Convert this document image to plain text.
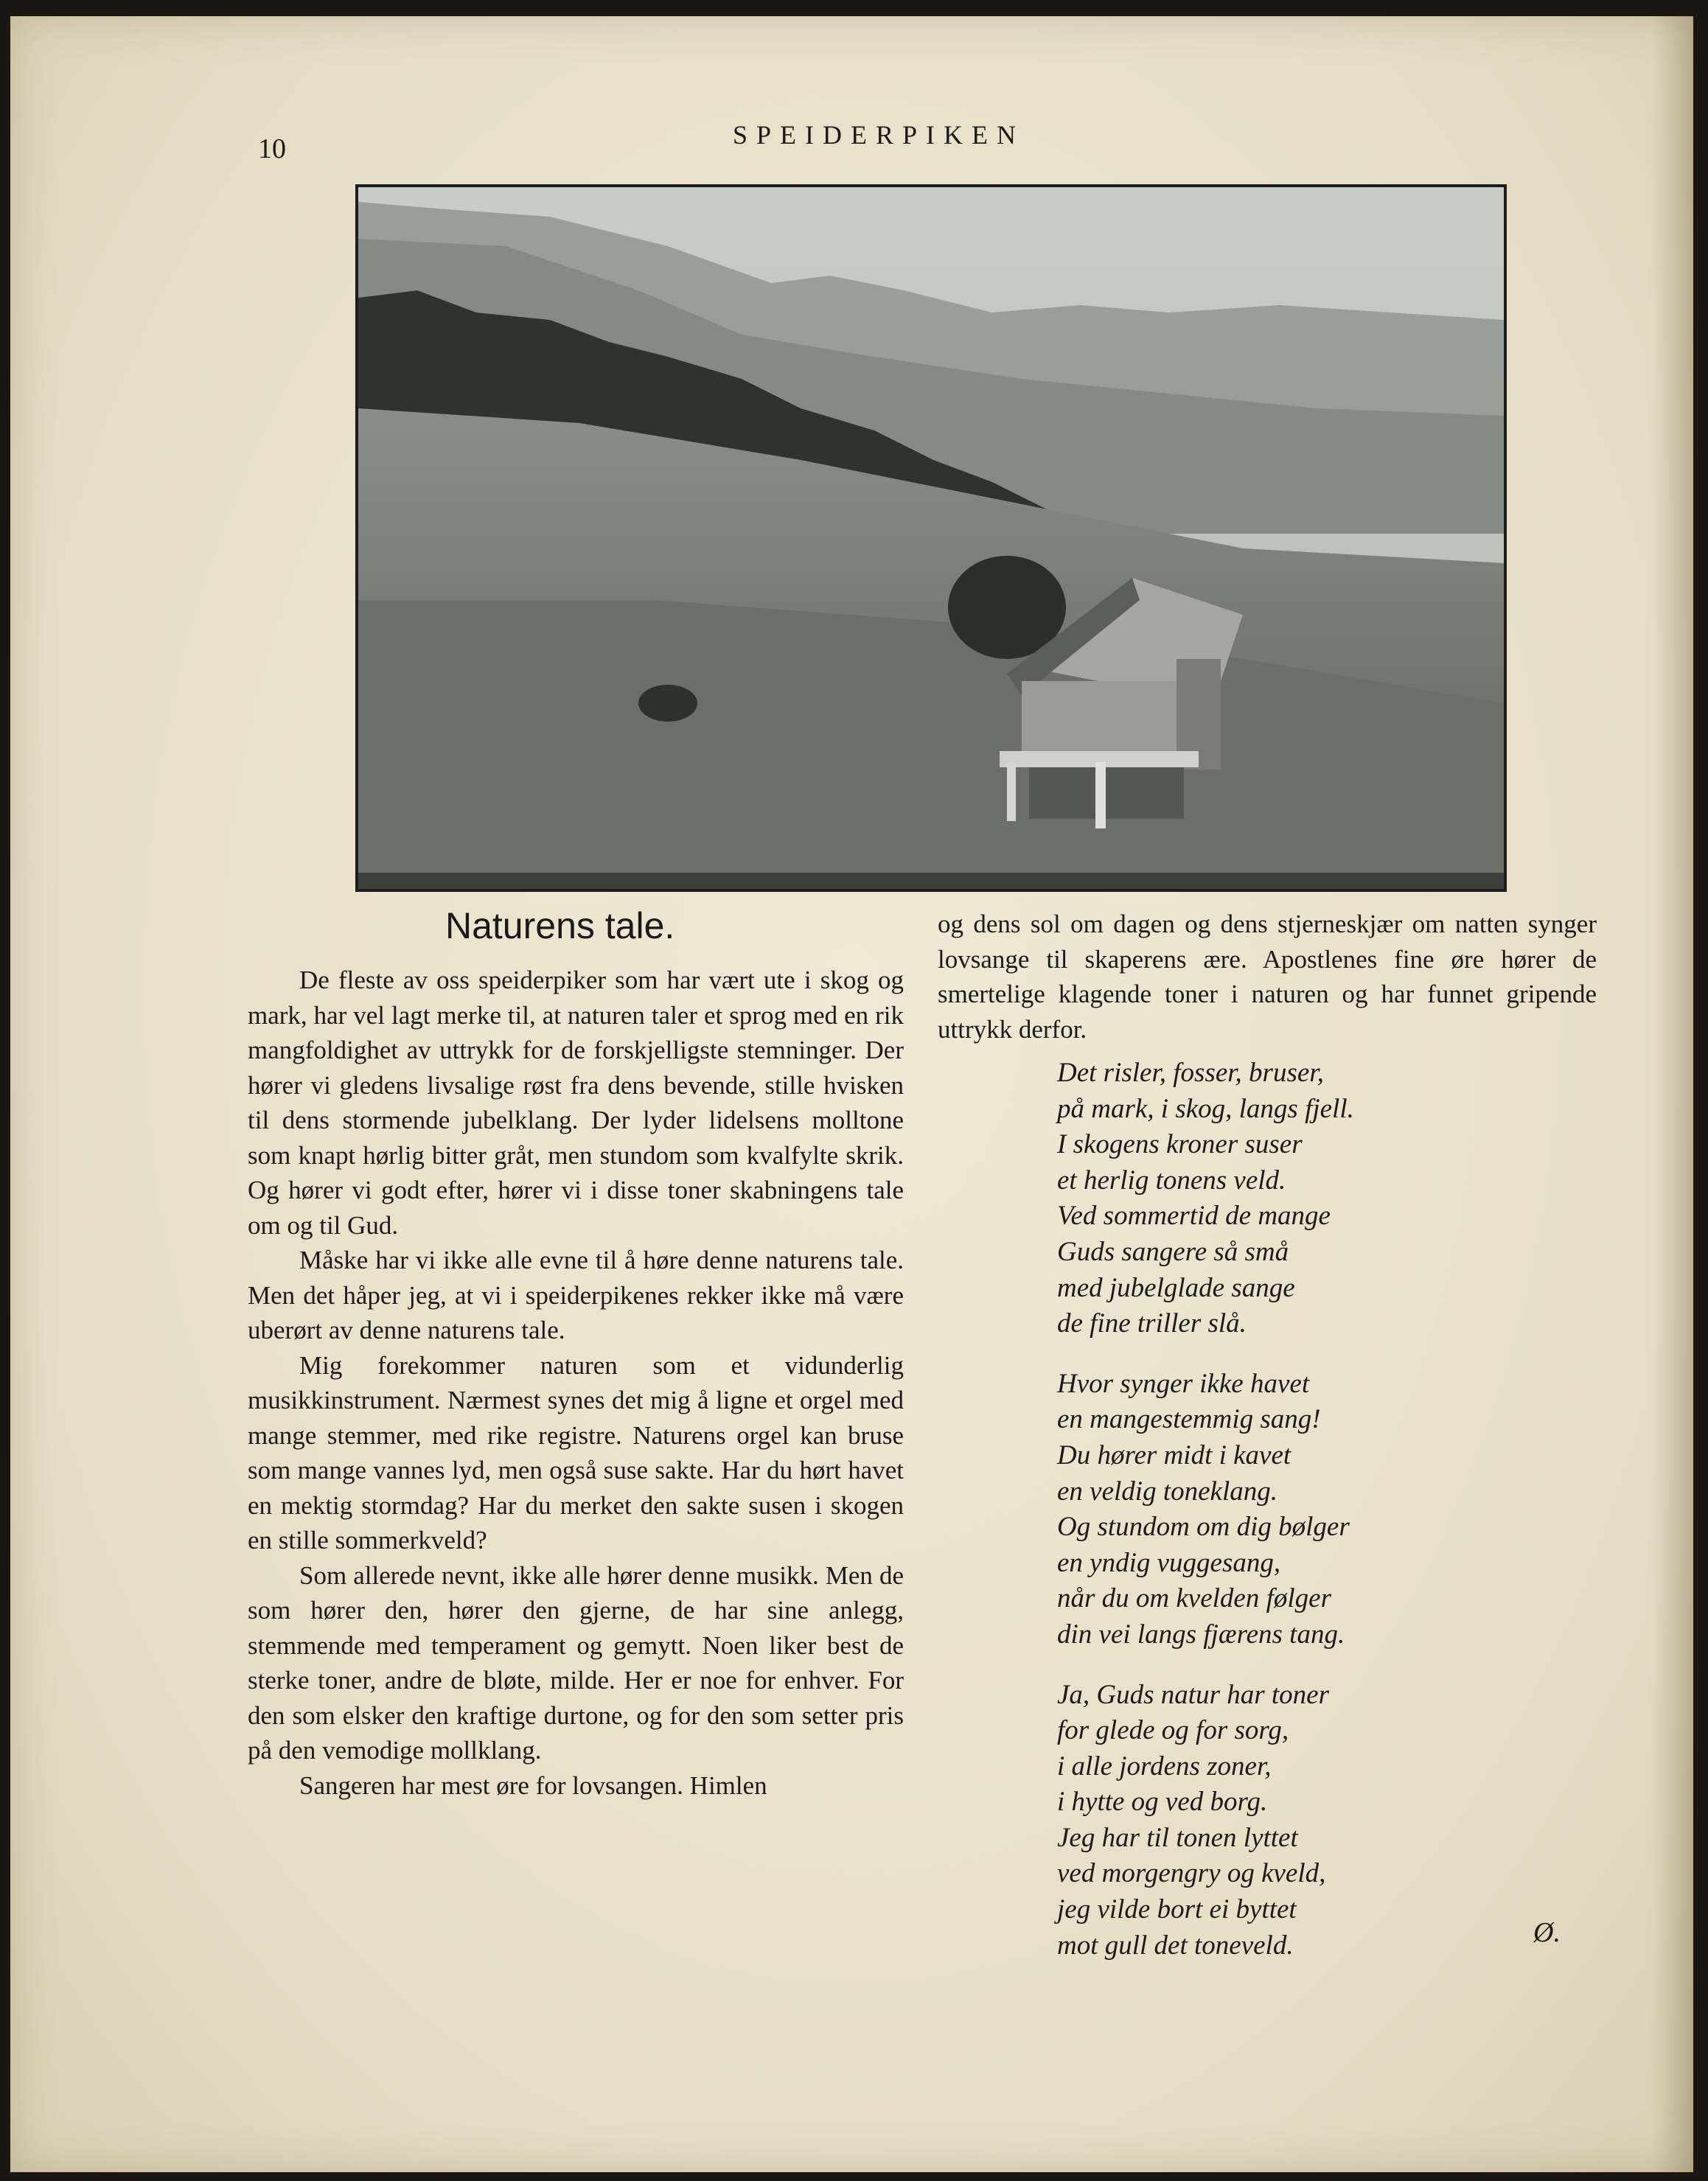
10	SPEIDERPIKEN
Naturens tale.

De fleste av oss speiderpiker som har vært ute i skog og mark, har vel lagt merke til, at naturen taler et sprog med en rik mangfoldighet av uttrykk for de forskjelligste stemninger. Der hører vi gledens livsalige røst fra dens bevende, stille hvisken til dens stormende jubelklang. Der lyder lidelsens molltone som knapt hørlig bitter gråt, men stundom som kvalfylte skrik. Og hører vi godt efter, hører vi i disse toner skabningens tale om og til Gud.

Måske har vi ikke alle evne til å høre denne naturens tale. Men det håper jeg, at vi i speiderpikenes rekker ikke må være uberørt av denne naturens tale.

Mig forekommer naturen som et vidunderlig musikkinstrument. Nærmest synes det mig å ligne et orgel med mange stemmer, med rike registre. Naturens orgel kan bruse som mange vannes lyd, men også suse sakte. Har du hørt havet en mektig stormdag? Har du merket den sakte susen i skogen en stille sommerkveld?

Som allerede nevnt, ikke alle hører denne musikk. Men de som hører den, hører den gjerne, de har sine anlegg, stemmende med temperament og gemytt. Noen liker best de sterke toner, andre de bløte, milde. Her er noe for enhver. For den som elsker den kraftige durtone, og for den som setter pris på den vemodige mollklang.

Sangeren har mest øre for lovsangen. Himlen

og dens sol om dagen og dens stjerneskjær om natten synger lovsange til skaperens ære. Apostlenes fine øre hører de smertelige klagende toner i naturen og har funnet gripende uttrykk derfor.

Det risler, fosser, bruser,
på mark, i skog, langs fjell.
I skogens kroner suser
et herlig tonens veld.
Ved sommertid de mange
Guds sangere så små
med jubelglade sange
de fine triller slå.
Hvor synger ikke havet
en mangestemmig sang!
Du hører midt i kavet
en veldig toneklang.
Og stundom om dig bølger
en yndig vuggesang,
når du om kvelden følger
din vei langs fjærens tang.
Ja, Guds natur har toner
for glede og for sorg,
i alle jordens zoner,
i hytte og ved borg.
Jeg har til tonen lyttet
ved morgengry og kveld,
jeg vilde bort ei byttet
mot gull det toneveld.	Ø.
